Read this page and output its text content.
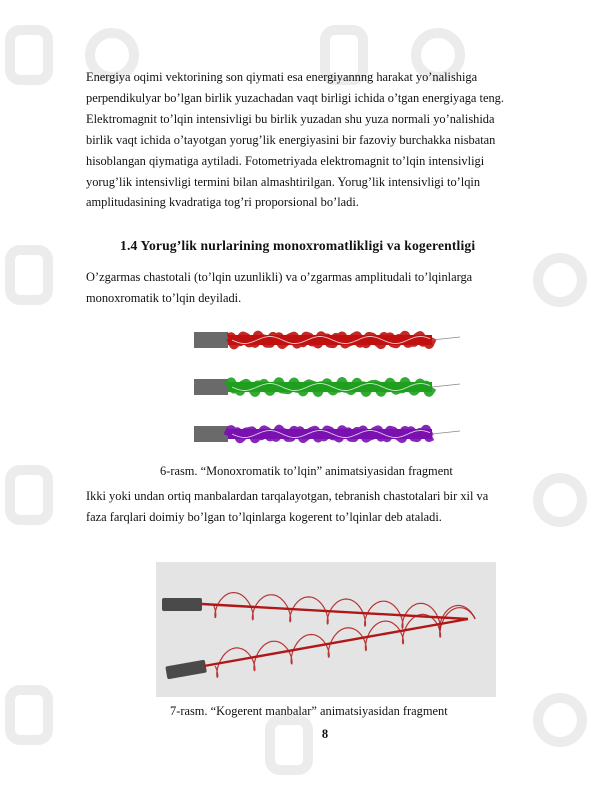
Energiya oqimi vektorining son qiymati esa energiyannng harakat yo’nalishiga
perpendikulyar bo’lgan birlik yuzachadan vaqt birligi ichida o’tgan energiyaga teng.
Elektromagnit to’lqin intensivligi bu birlik yuzadan shu yuza normali yo’nalishida
birlik vaqt ichida o’tayotgan yorug’lik energiyasini bir fazoviy burchakka nisbatan
hisoblangan qiymatiga aytiladi. Fotometriyada elektromagnit to’lqin intensivligi
yorug’lik intensivligi termini bilan almashtirilgan. Yorug’lik intensivligi to’lqin
amplitudasining kvadratiga tog’ri proporsional bo’ladi.
1.4 Yorug’lik nurlarining monoxromatlikligi va kogerentligi
O’zgarmas chastotali (to’lqin uzunlikli) va o’zgarmas amplitudali to’lqinlarga
monoxromatik to’lqin deyiladi.
6-rasm. “Monoxromatik to’lqin” animatsiyasidan fragment
Ikki yoki undan ortiq manbalardan tarqalayotgan, tebranish chastotalari bir xil va
faza farqlari doimiy bo’lgan to’lqinlarga kogerent to’lqinlar deb ataladi.
7-rasm. “Kogerent manbalar” animatsiyasidan fragment
8
